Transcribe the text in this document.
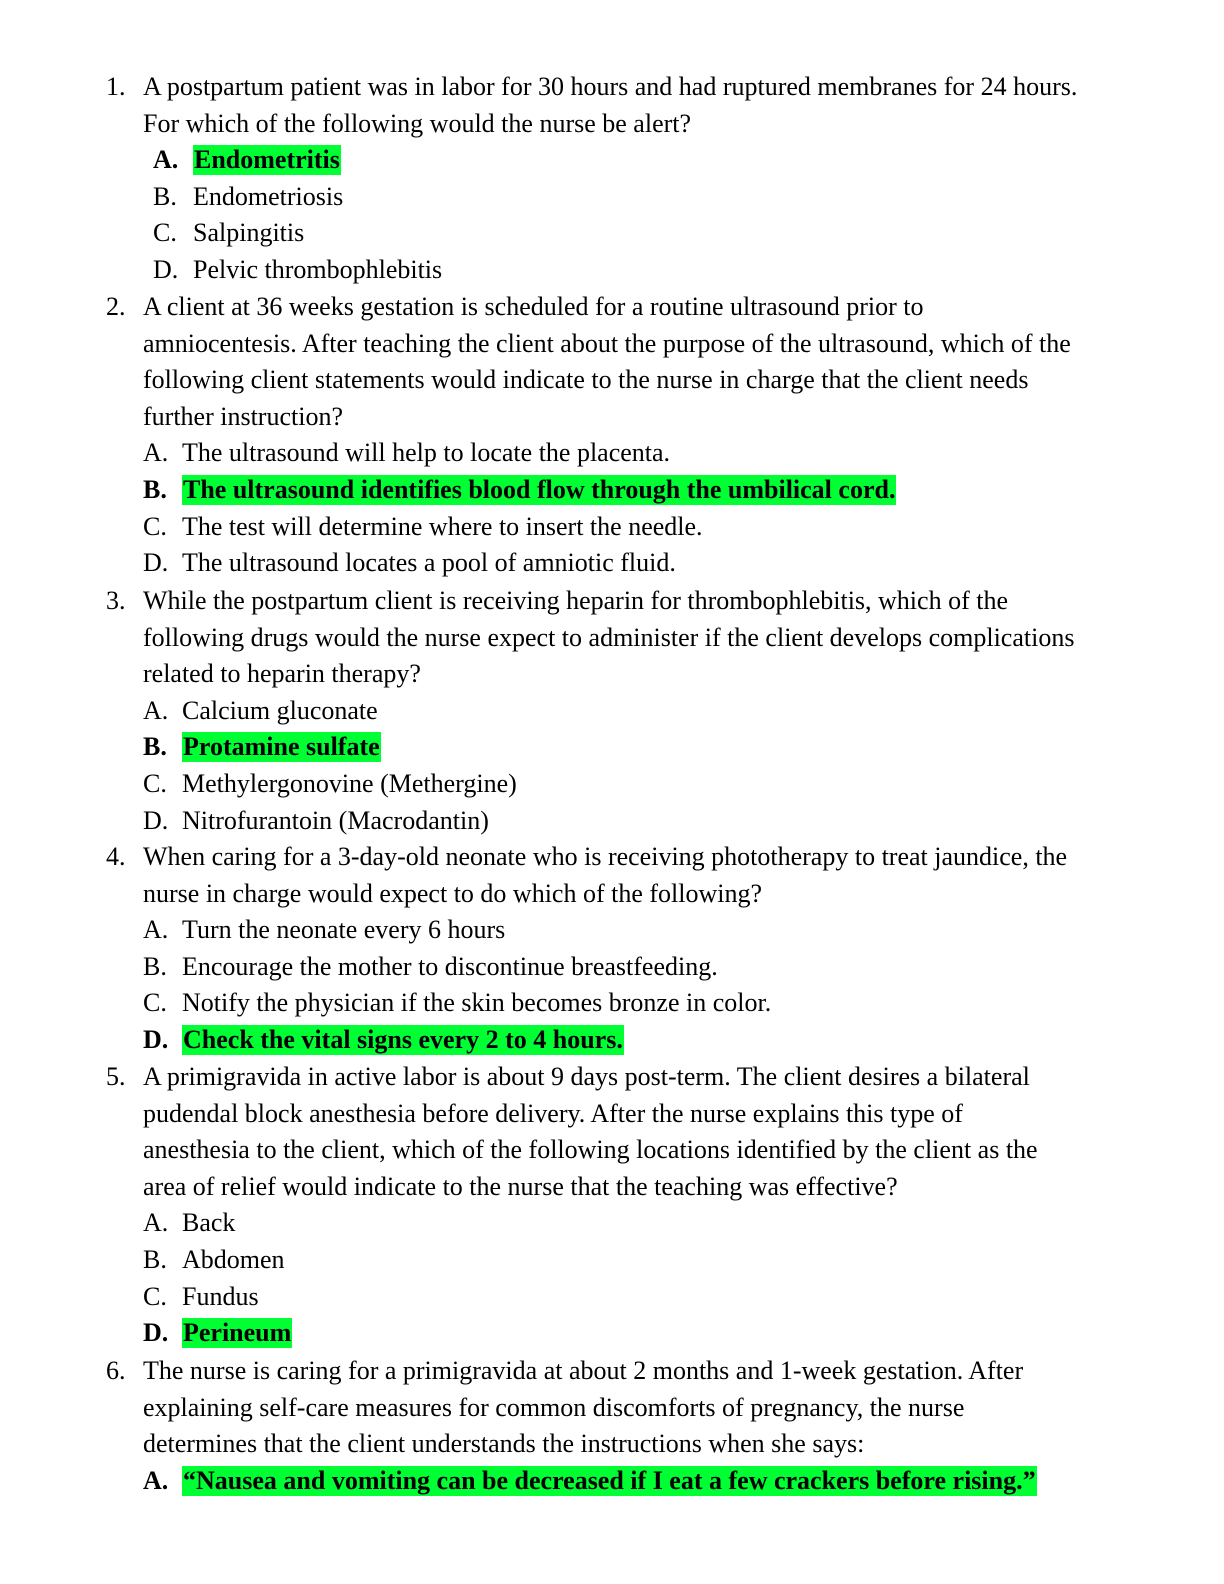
1. A postpartum patient was in labor for 30 hours and had ruptured membranes for 24 hours.
For which of the following would the nurse be alert?
A. Endometritis
B. Endometriosis
C. Salpingitis
D. Pelvic thrombophlebitis
2. A client at 36 weeks gestation is scheduled for a routine ultrasound prior to
amniocentesis. After teaching the client about the purpose of the ultrasound, which of the
following client statements would indicate to the nurse in charge that the client needs
further instruction?
A. The ultrasound will help to locate the placenta.
B. The ultrasound identifies blood flow through the umbilical cord.
C. The test will determine where to insert the needle.
D. The ultrasound locates a pool of amniotic fluid.
3. While the postpartum client is receiving heparin for thrombophlebitis, which of the
following drugs would the nurse expect to administer if the client develops complications
related to heparin therapy?
A. Calcium gluconate
B. Protamine sulfate
C. Methylergonovine (Methergine)
D. Nitrofurantoin (Macrodantin)
4. When caring for a 3-day-old neonate who is receiving phototherapy to treat jaundice, the
nurse in charge would expect to do which of the following?
A. Turn the neonate every 6 hours
B. Encourage the mother to discontinue breastfeeding.
C. Notify the physician if the skin becomes bronze in color.
D. Check the vital signs every 2 to 4 hours.
5. A primigravida in active labor is about 9 days post-term. The client desires a bilateral
pudendal block anesthesia before delivery. After the nurse explains this type of
anesthesia to the client, which of the following locations identified by the client as the
area of relief would indicate to the nurse that the teaching was effective?
A. Back
B. Abdomen
C. Fundus
D. Perineum
6. The nurse is caring for a primigravida at about 2 months and 1-week gestation. After
explaining self-care measures for common discomforts of pregnancy, the nurse
determines that the client understands the instructions when she says:
A. “Nausea and vomiting can be decreased if I eat a few crackers before rising.”
